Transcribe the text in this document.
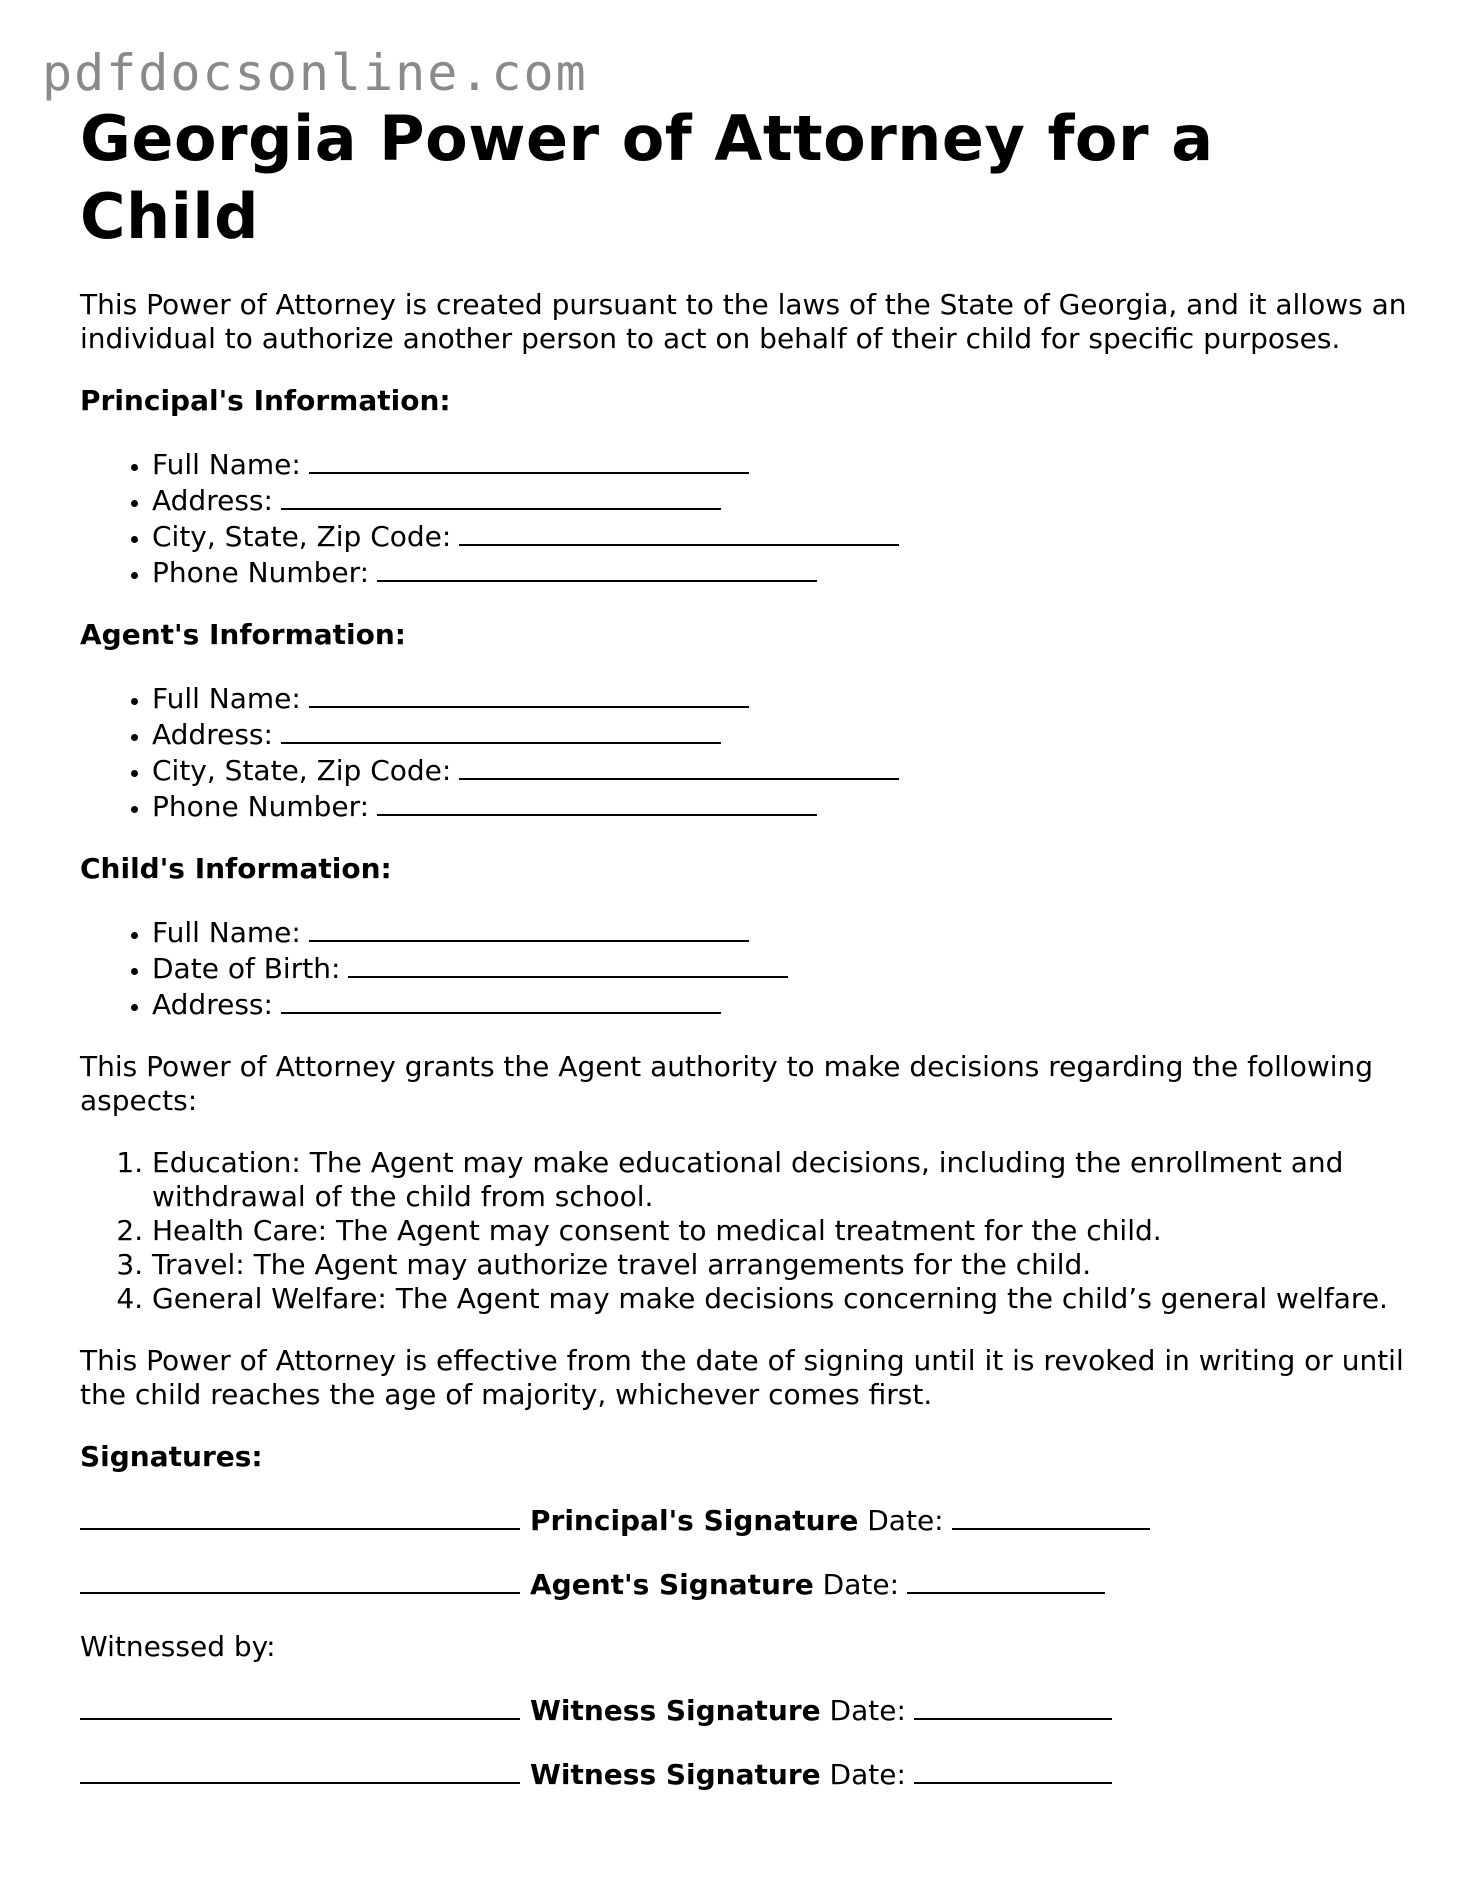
pdfdocsonline.com
Georgia Power of Attorney for a Child

This Power of Attorney is created pursuant to the laws of the State of Georgia, and it allows an individual to authorize another person to act on behalf of their child for specific purposes.

Principal's Information:
• Full Name:
• Address:
• City, State, Zip Code:
• Phone Number:
Agent's Information:
• Full Name:
• Address:
• City, State, Zip Code:
• Phone Number:
Child's Information:
• Full Name:
• Date of Birth:
• Address:

This Power of Attorney grants the Agent authority to make decisions regarding the following aspects:

1. Education: The Agent may make educational decisions, including the enrollment and withdrawal of the child from school.
2. Health Care: The Agent may consent to medical treatment for the child.
3. Travel: The Agent may authorize travel arrangements for the child.
4. General Welfare: The Agent may make decisions concerning the child’s general welfare.

This Power of Attorney is effective from the date of signing until it is revoked in writing or until the child reaches the age of majority, whichever comes first.

Signatures:
Principal's Signature Date:
Agent's Signature Date:

Witnessed by:

Witness Signature Date:
Witness Signature Date:
